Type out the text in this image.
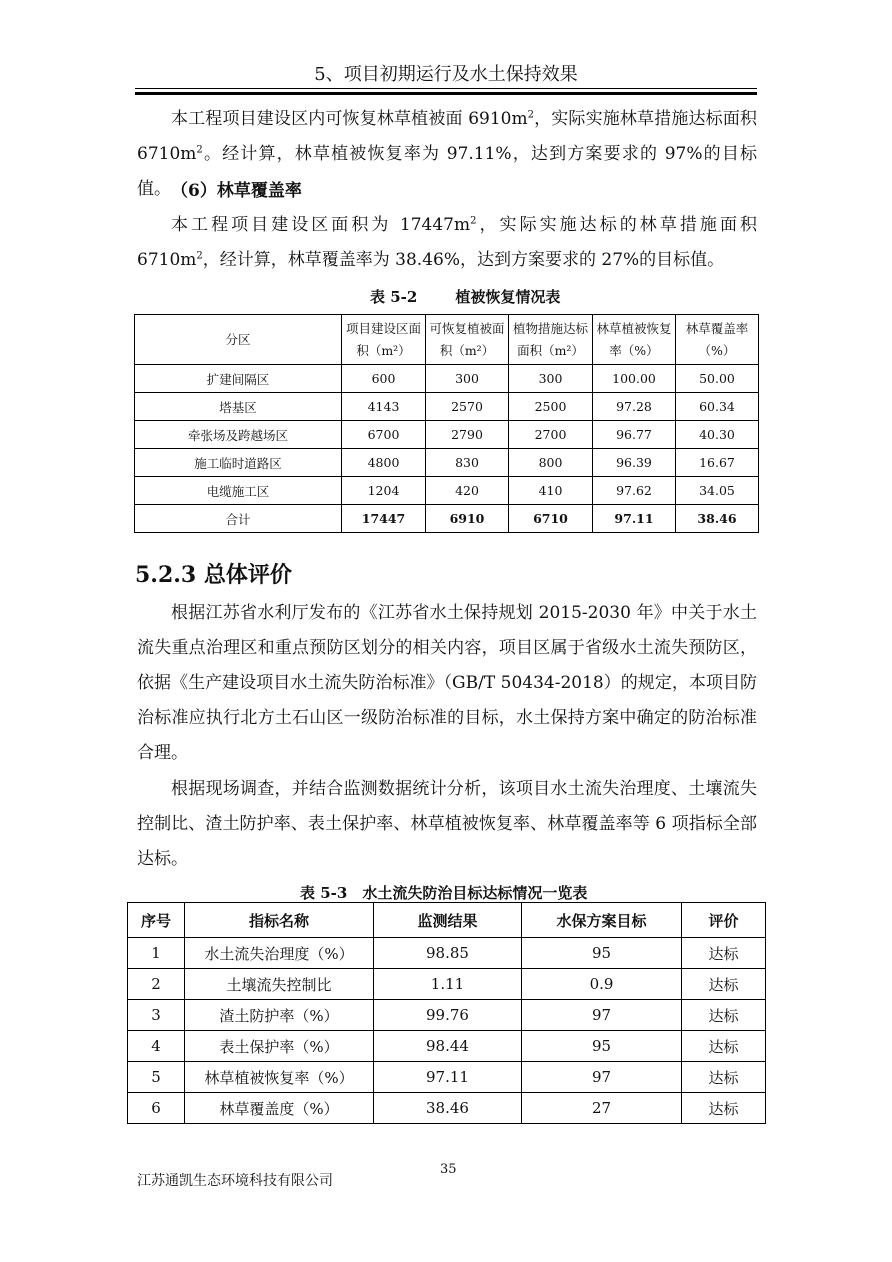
5、项目初期运行及水土保持效果

本工程项目建设区内可恢复林草植被面 $6910m^2$，实际实施林草措施达标面积 $6710m^2$。经计算，林草植被恢复率为 97.11%，达到方案要求的 97%的目标值。 （6）林草覆盖率

本工程项目建设区面积为 $17447m^2$，实际实施达标的林草措施面积 $6710m^2$，经计算，林草覆盖率为 38.46%，达到方案要求的 27%的目标值。

表 5-2	植被恢复情况表
分区	项目建设区面积（m²）	可恢复植被面积（m²）	植物措施达标面积（m²）	林草植被恢复率（%）	林草覆盖率（%）
扩建间隔区	600	300	300	100.00	50.00
塔基区	4143	2570	2500	97.28	60.34
牵张场及跨越场区	6700	2790	2700	96.77	40.30
施工临时道路区	4800	830	800	96.39	16.67
电缆施工区	1204	420	410	97.62	34.05
合计	17447	6910	6710	97.11	38.46
5.2.3 总体评价

根据江苏省水利厅发布的《江苏省水土保持规划 2015-2030 年》中关于水土流失重点治理区和重点预防区划分的相关内容，项目区属于省级水土流失预防区，依据《生产建设项目水土流失防治标准》（GB/T 50434-2018）的规定，本项目防治标准应执行北方土石山区一级防治标准的目标，水土保持方案中确定的防治标准合理。

根据现场调查，并结合监测数据统计分析，该项目水土流失治理度、土壤流失控制比、渣土防护率、表土保护率、林草植被恢复率、林草覆盖率等 6 项指标全部达标。

表 5-3　水土流失防治目标达标情况一览表
序号	指标名称	监测结果	水保方案目标	评价
1	水土流失治理度（%）	98.85	95	达标
2	土壤流失控制比	1.11	0.9	达标
3	渣土防护率（%）	99.76	97	达标
4	表土保护率（%）	98.44	95	达标
5	林草植被恢复率（%）	97.11	97	达标
6	林草覆盖度（%）	38.46	27	达标
35
江苏通凯生态环境科技有限公司
